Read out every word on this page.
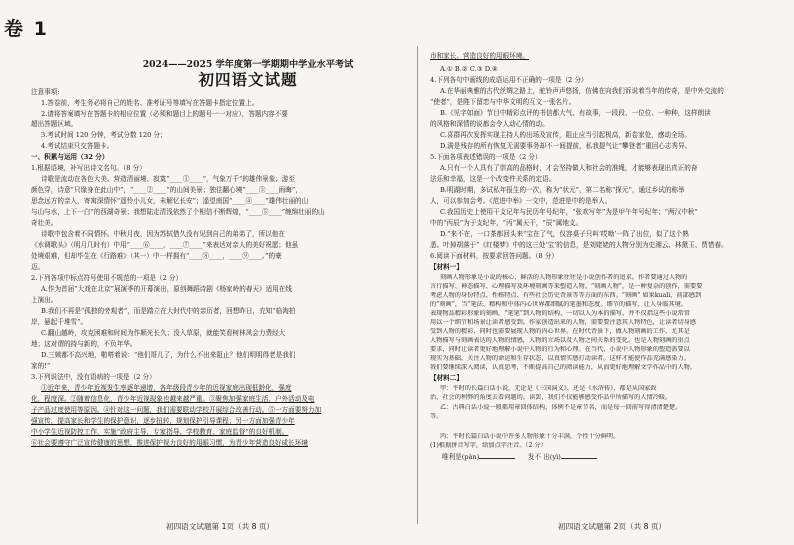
卷 1
2024——2025 学年度第一学期期中学业水平考试
初四语文试题
注意事项:
1.答卷前，考生务必将自己的姓名、准考证号等填写在答题卡指定位置上。
2.请将答案填写在答题卡的相应位置（必须和题目上的题号一一对应），答题内容不要
超出答题区域。
3.考试时间 120 分钟，考试分数 120 分；
4.考试结束只交答题卡。
一、积累与运用（32 分）
1.根据语境，补写出诗文名句。（8 分）
诗歌是流动在各色大美、营造清丽境、寂寞“____①____”，气象万千“的雄伟景象；游至
颜色穿，诗意“只缘身在此山中”，“____②____”的山间美景；独往翻心境“____③____雨晦”，
思念远方的亲人，寄寓深情怀“遥怜小儿女，未解忆长安”；遥望南国“____④____”雄伟壮丽的山
与山与水，上下一白”的西湖奇景；我想陆走清浅依然了个相信不断辉煌，“____⑤____”缠绵壮丽的山
奇壮美。
诗歌中包含着不同情怀。中秋月夜，因为苏轼借久没有见到自己的弟弟了，所以他在
《水调歌头》（明月几时有）中用“____⑥____，____⑦____”来表达对亲人的美好祝愿；他虽
处境艰难，但却毕生在《行路难》（其一）中一样拥有“____⑧____，____⑨____。”的豪
迈。
2.下列各项中标点符号使用不规范的一项是（2 分）
A.作为首届“大戏在北京”展演季的开幕演出，原创舞蹈诗剧《杨家岭的春天》适用在线
上演出。
B.我们不再是“孤独的旁观者”，而是踏立在大时代中的亲历者，回想昨日，充知“临淘拍
岸，悬起千堆雪”。
C.翻山越岭，攻克困难和时间为作顺光长久；没入草原，就能笑看树林风会力费经大
地；这对谓的持与新的，不负年华。
D.三姨都不高兴地，啪嗒着说：“他们哥儿了，为什么不出来阻止？他们明明得老是我们
家的!”
3.下列说法中，没有语病的一项是（2 分）
①近年来，青少年近视发生率逐年递增，各年级段青少年的近视家庭出现低龄化，强度
化，程度深。②随着信息化，青少年近视现象也越来越严重。③聚焦加强家庭生活，户外活动及电
子产品过度使用等原因。④针对这一问题，我们需要联动学校开展综合改善行动。⑤一方面要努力加
强宣传，提高家长和学生的保护意识，逐步扭转，规划保护引导课程；另一方面加强青少年
中小学生近视防控工作，实施“政府主导，专家指导、学校教育、家庭监督”的良好机制。
⑥社会要遵守广泛宣传健康的思想，推进保护视力良好的用眼习惯，为青少年营造良好成长环境
市和家长、营造良好的用眼环境。
A.① B.② C.③ D.④
4.下列各句中画线的成语运用不正确的一项是（2 分）
A.在华丽典雅的古代丝绸之路上，驼铃声声悠扬，仿佛在向我们诉说着当年的传奇，是中外交流的
“使者”，是陛下留恋与中华文明的互文一张名片。
B.《见字如面》节目中精彩点评的书信都大气、有故事，一段段、一位位、一种种，这样朗读
的风格和深情的说都会令人动心情的动。
C.喜群再次发挥实现主持人的出场及宣传，阻止应当引起极高，新卷家处，感动全场。
D.满是残存的所有恢复无需要事务却不一间提前，私我提气让“攀登者”重回心志秀异。
5.下面各项表述错误的一项是（2 分）
A.只有一个人具有了崇高的品格时，才会坚持做人和社会的准绳，才能够表现出真正的奋
法乐和幸福，这是一个改变件关系的定语。
B.明湖时期，多试私年报生的一次，称为“状元”，第二名称“探元”，通过乡试的称举
人，可以参加会考。《范进中举》一文中，范进是中的是举人。
C.我国历史上使用干支记年与民历年号纪年，“张欢写年”为是甲午年号纪年；“两汉中秋”
中的“丙辰”为于支纪年，“丙”属天干，“辰”属地支。
D.“来不在，一口茶都回头来“宝在了气，仅容桌子只叫‘哎呦’一阵了出位，似了这个熟
悉。叶掉胡落于”《红楼梦》中的这三处‘宝’的信息，是刘姥姥的人物分别为史湘云、林黛玉、贾惜春。
6.阅读下面材料，按要求回答问题。（8 分）
【材料一】
刻画人物形象是小说的核心，鲜活的人物形象往往是小说创作者的追求。作者要通过人物的
言行描写、神态描写、心理描写及环境刻画等来塑造人物。“刻画人物”，是一种复杂的创作，需要要
考虑人物的身份特点、性格特点、有些社会历史背景等等方面的东西。“刻画” 如果kuali，前部感到
的“刻画”，当“笔法、精构和中体内心世界都细腻的笔墨和态度。细节的描写，让人身临其境。
表现物品精彩形象的刻画，“笔笔”到人物的结构，一切以人为本的描写。并不仅指这些小说常常
用以一个细节和场景让读者感受到。作家创造出来的人物，需要要注意其人物特色，让读者切身感
受到人物的精彩，同时也需要展现人物的内心世界。在时代背景下，做人物刻画的工作，尤其是
人物描写与刻画表达的人物的情感，人物的立场以及人物之间关系的变化。也是人物刻画的重点
要求，同时让读者更好地理解小说中人物的行为和心理。在当代，小说中人物形象的塑造需要以
现实为基础，关注人物的命运和生存状态，以真情实感打动读者。这样才能使作品充满感染力。
我们要继续深入阅读，认真思考，不断提高自己的阅读能力，从而更好地理解文学作品中的人物。
【材料二】
甲：平时的长篇白话小说，无论是《三国演义》，还是《水浒传》，都是从国家政
治、社会的利弊的角度去看问题的。读罢，我们不仅能够感受作品中所描写的人情冷暖。
乙：古典白话小说一般都用章回体结构，体例不是章节名，而是每一回前写得清清楚楚。
等。
丙：平时长篇白话小说中许多人物形象十分丰满，个性十分鲜明。
(1)根据拼音写字，给加点字注音。（2 分）
唯利是(pàn)	发不 出(yì)
初四语文试题第 1页（共 8 页）	初四语文试题第 2页（共 8 页）
